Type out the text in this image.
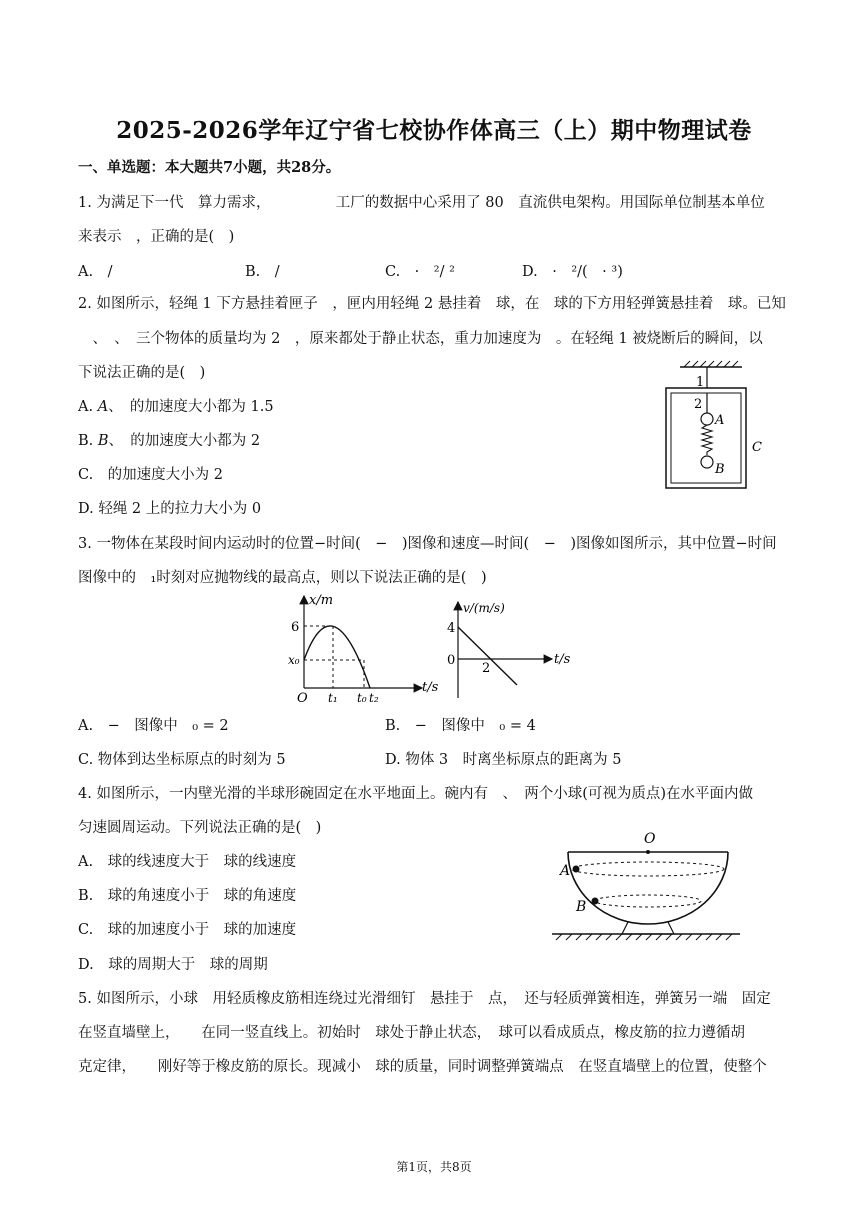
2025-2026学年辽宁省七校协作体高三（上）期中物理试卷
一、单选题：本大题共7小题，共28分。
1. 为满足下一代　算力需求，　　　　　工厂的数据中心采用了 80　直流供电架构。用国际单位制基本单位
来表示　，正确的是(　)
A.　/	B.　/	C.　·　²/ ²	D.　·　²/(　· ³)
2. 如图所示，轻绳 1 下方悬挂着匣子　，匣内用轻绳 2 悬挂着　球，在　球的下方用轻弹簧悬挂着　球。已知
　、　、　三个物体的质量均为 2　，原来都处于静止状态，重力加速度为　。在轻绳 1 被烧断后的瞬间，以
下说法正确的是(　)
A. 𝐴、　的加速度大小都为 1.5
B. 𝐵、　的加速度大小都为 2
C.　的加速度大小为 2
D. 轻绳 2 上的拉力大小为 0
1
2
A
B
C
3. 一物体在某段时间内运动时的位置−时间(　−　)图像和速度—时间(　−　)图像如图所示，其中位置−时间
图像中的　₁时刻对应抛物线的最高点，则以下说法正确的是(　)
x/m
t/s
O
6
x₀
t₁ t₀ t₂
v/(m/s)
t/s
4
0
2
A.　−　图像中　₀ = 2	B.　−　图像中　₀ = 4
C. 物体到达坐标原点的时刻为 5	D. 物体 3　时离坐标原点的距离为 5
4. 如图所示，一内壁光滑的半球形碗固定在水平地面上。碗内有　、　两个小球(可视为质点)在水平面内做
匀速圆周运动。下列说法正确的是(　)
A.　球的线速度大于　球的线速度
B.　球的角速度小于　球的角速度
C.　球的加速度小于　球的加速度
D.　球的周期大于　球的周期
O
A
B
5. 如图所示，小球　用轻质橡皮筋相连绕过光滑细钉　悬挂于　点，　还与轻质弹簧相连，弹簧另一端　固定
在竖直墙壁上，　　在同一竖直线上。初始时　球处于静止状态，　球可以看成质点，橡皮筋的拉力遵循胡
克定律，　　刚好等于橡皮筋的原长。现减小　球的质量，同时调整弹簧端点　在竖直墙壁上的位置，使整个
第1页，共8页
